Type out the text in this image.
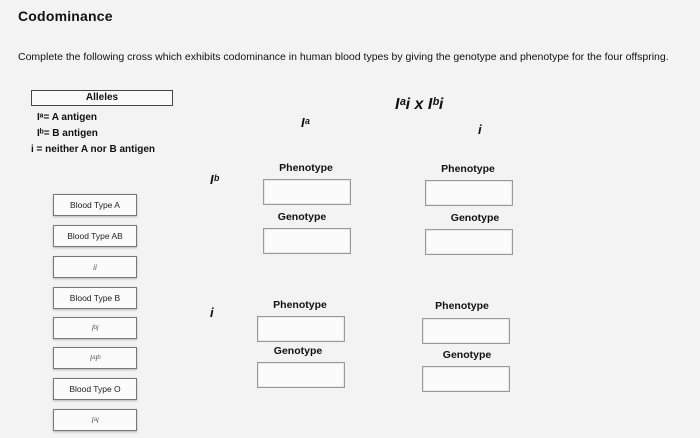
Codominance
Complete the following cross which exhibits codominance in human blood types by giving the genotype and phenotype for the four offspring.
Alleles
Iᵃ= A antigen
Iᵇ= B antigen
i = neither A nor B antigen
Iᵃi x Iᵇi
Iᵃ	i
Iᵇ
i
Phenotype
Genotype
Phenotype
Genotype
Phenotype
Genotype
Phenotype
Genotype
Blood Type A
Blood Type AB
ii
Blood Type B
Iᵇi
IᵃIᵇ
Blood Type O
Iᵃi
